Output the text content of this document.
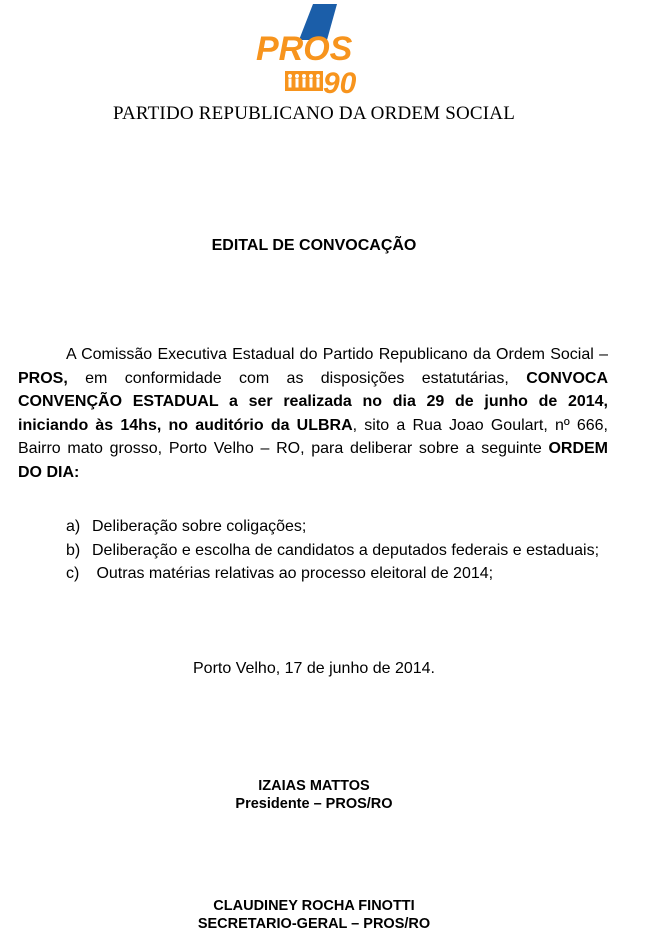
PROS
90
PARTIDO REPUBLICANO DA ORDEM SOCIAL
EDITAL DE CONVOCAÇÃO

A Comissão Executiva Estadual do Partido Republicano da Ordem Social – PROS, em conformidade com as disposições estatutárias, CONVOCA CONVENÇÃO ESTADUAL a ser realizada no dia 29 de junho de 2014, iniciando às 14hs, no auditório da ULBRA, sito a Rua Joao Goulart, nº 666, Bairro mato grosso, Porto Velho – RO, para deliberar sobre a seguinte ORDEM DO DIA:

a) Deliberação sobre coligações;
b) Deliberação e escolha de candidatos a deputados federais e estaduais;
c) Outras matérias relativas ao processo eleitoral de 2014;
Porto Velho, 17 de junho de 2014.
IZAIAS MATTOS
Presidente – PROS/RO
CLAUDINEY ROCHA FINOTTI
SECRETARIO-GERAL – PROS/RO
